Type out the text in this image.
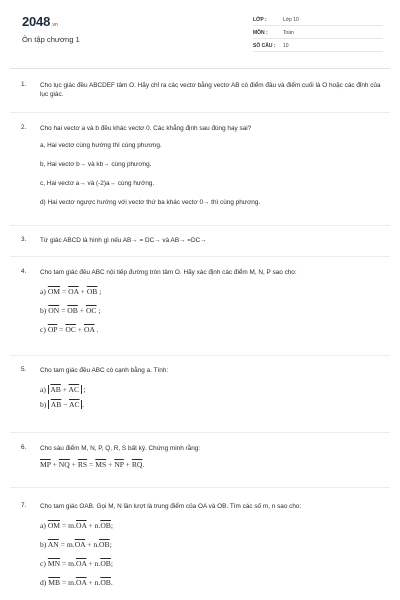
2048.vn
Ôn tập chương 1
LỚP :	Lớp 10
MÔN :	Toán
SỐ CÂU :	10
1. Cho lục giác đều ABCDEF tâm O. Hãy chỉ ra các vectơ bằng vectơ AB có điểm đầu và điểm cuối là O hoặc các đỉnh của lục giác.
2. Cho hai vectơ a và b đều khác vectơ 0. Các khẳng định sau đúng hay sai?
a, Hai vectơ cùng hướng thì cùng phương.
b, Hai vectơ b→ và kb→ cùng phương.
c, Hai vectơ a→ và (-2)a→ cùng hướng.
d) Hai vectơ ngược hướng với vectơ thứ ba khác vectơ 0→ thì cùng phương.
3. Tứ giác ABCD là hình gì nếu AB→ = DC→ và AB→ =DC→
4. Cho tam giác đều ABC nội tiếp đường tròn tâm O. Hãy xác định các điểm M, N, P sao cho:
a) $\overline{OM} = \overline{OA} + \overline{OB}$ ;
b) $\overline{ON} = \overline{OB} + \overline{OC}$ ;
c) $\overline{OP} = \overline{OC} + \overline{OA}$ .
5. Cho tam giác đều ABC có cạnh bằng a. Tính:
a) $\overline{AB} + \overline{AC}$ ;
b) $\overline{AB} - \overline{AC}$ .
6. Cho sáu điểm M, N, P, Q, R, S bất kỳ. Chứng minh rằng:
$\overline{MP} + \overline{NQ} + \overline{RS} = \overline{MS} + \overline{NP} + \overline{RQ}$.
7. Cho tam giác OAB. Gọi M, N lần lượt là trung điểm của OA và OB. Tìm các số m, n sao cho:
a) $\overline{OM} = m.\overline{OA} + n.\overline{OB}$;
b) $\overline{AN} = m.\overline{OA} + n.\overline{OB}$;
c) $\overline{MN} = m.\overline{OA} + n.\overline{OB}$;
d) $\overline{MB} = m.\overline{OA} + n.\overline{OB}$.
